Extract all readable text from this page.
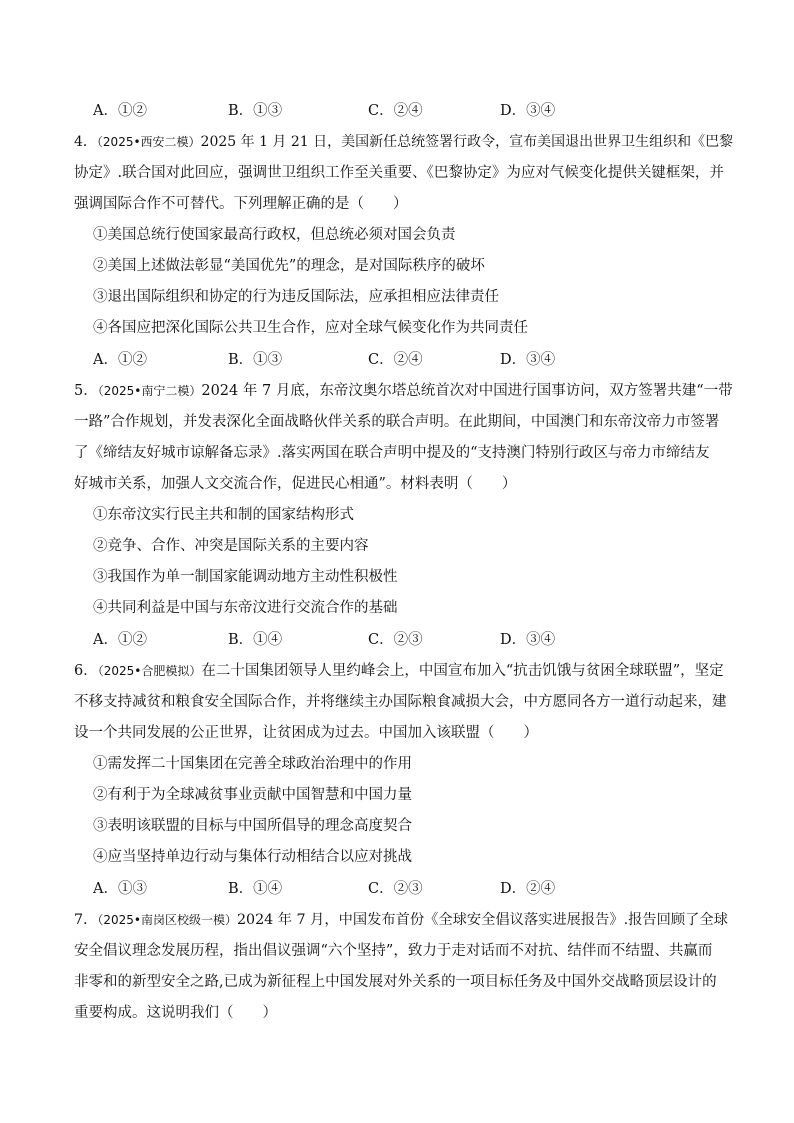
A．①②	B．①③	C．②④	D．③④
4．（2025•西安二模）2025 年 1 月 21 日，美国新任总统签署行政令，宣布美国退出世界卫生组织和《巴黎
协定》.联合国对此回应，强调世卫组织工作至关重要、《巴黎协定》为应对气候变化提供关键框架，并
强调国际合作不可替代。下列理解正确的是（　　）
①美国总统行使国家最高行政权，但总统必须对国会负责
②美国上述做法彰显“美国优先”的理念，是对国际秩序的破坏
③退出国际组织和协定的行为违反国际法，应承担相应法律责任
④各国应把深化国际公共卫生合作，应对全球气候变化作为共同责任
A．①②	B．①③	C．②④	D．③④
5．（2025•南宁二模）2024 年 7 月底，东帝汶奥尔塔总统首次对中国进行国事访问，双方签署共建“一带
一路”合作规划，并发表深化全面战略伙伴关系的联合声明。在此期间，中国澳门和东帝汶帝力市签署
了《缔结友好城市谅解备忘录》.落实两国在联合声明中提及的“支持澳门特别行政区与帝力市缔结友
好城市关系，加强人文交流合作，促进民心相通”。材料表明（　　）
①东帝汶实行民主共和制的国家结构形式
②竞争、合作、冲突是国际关系的主要内容
③我国作为单一制国家能调动地方主动性积极性
④共同利益是中国与东帝汶进行交流合作的基础
A．①②	B．①④	C．②③	D．③④
6．（2025•合肥模拟）在二十国集团领导人里约峰会上，中国宣布加入“抗击饥饿与贫困全球联盟”，坚定
不移支持减贫和粮食安全国际合作，并将继续主办国际粮食减损大会，中方愿同各方一道行动起来，建
设一个共同发展的公正世界，让贫困成为过去。中国加入该联盟（　　）
①需发挥二十国集团在完善全球政治治理中的作用
②有利于为全球减贫事业贡献中国智慧和中国力量
③表明该联盟的目标与中国所倡导的理念高度契合
④应当坚持单边行动与集体行动相结合以应对挑战
A．①③	B．①④	C．②③	D．②④
7．（2025•南岗区校级一模）2024 年 7 月，中国发布首份《全球安全倡议落实进展报告》.报告回顾了全球
安全倡议理念发展历程，指出倡议强调“六个坚持”，致力于走对话而不对抗、结伴而不结盟、共赢而
非零和的新型安全之路,已成为新征程上中国发展对外关系的一项目标任务及中国外交战略顶层设计的
重要构成。这说明我们（　　）
